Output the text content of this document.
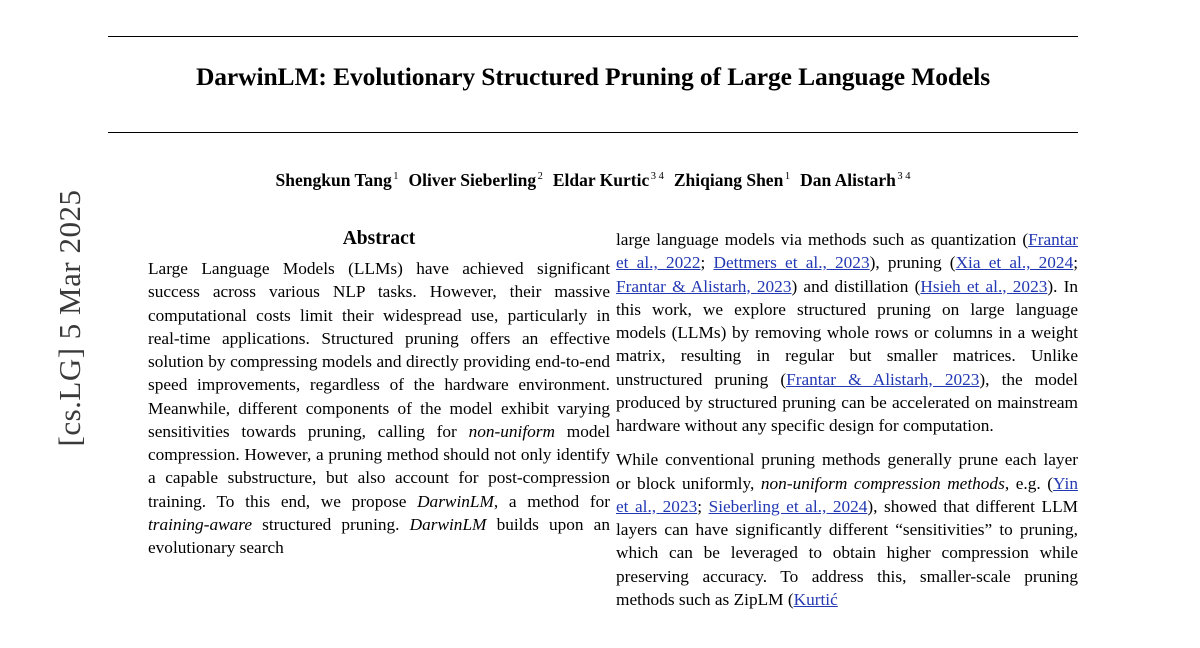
[cs.LG] 5 Mar 2025
DarwinLM: Evolutionary Structured Pruning of Large Language Models
Shengkun Tang $^1$ Oliver Sieberling $^2$ Eldar Kurtic $^{3 4}$ Zhiqiang Shen $^1$ Dan Alistarh $^{3 4}$
Abstract

Large Language Models (LLMs) have achieved significant success across various NLP tasks. However, their massive computational costs limit their widespread use, particularly in real-time applications. Structured pruning offers an effective solution by compressing models and directly providing end-to-end speed improvements, regardless of the hardware environment. Meanwhile, different components of the model exhibit varying sensitivities towards pruning, calling for non-uniform model compression. However, a pruning method should not only identify a capable substructure, but also account for post-compression training. To this end, we propose DarwinLM, a method for training-aware structured pruning. DarwinLM builds upon an evolutionary search

large language models via methods such as quantization (Frantar et al., 2022; Dettmers et al., 2023), pruning (Xia et al., 2024; Frantar & Alistarh, 2023) and distillation (Hsieh et al., 2023). In this work, we explore structured pruning on large language models (LLMs) by removing whole rows or columns in a weight matrix, resulting in regular but smaller matrices. Unlike unstructured pruning (Frantar & Alistarh, 2023), the model produced by structured pruning can be accelerated on mainstream hardware without any specific design for computation.

While conventional pruning methods generally prune each layer or block uniformly, non-uniform compression methods, e.g. (Yin et al., 2023; Sieberling et al., 2024), showed that different LLM layers can have significantly different “sensitivities” to pruning, which can be leveraged to obtain higher compression while preserving accuracy. To address this, smaller-scale pruning methods such as ZipLM (Kurtić
